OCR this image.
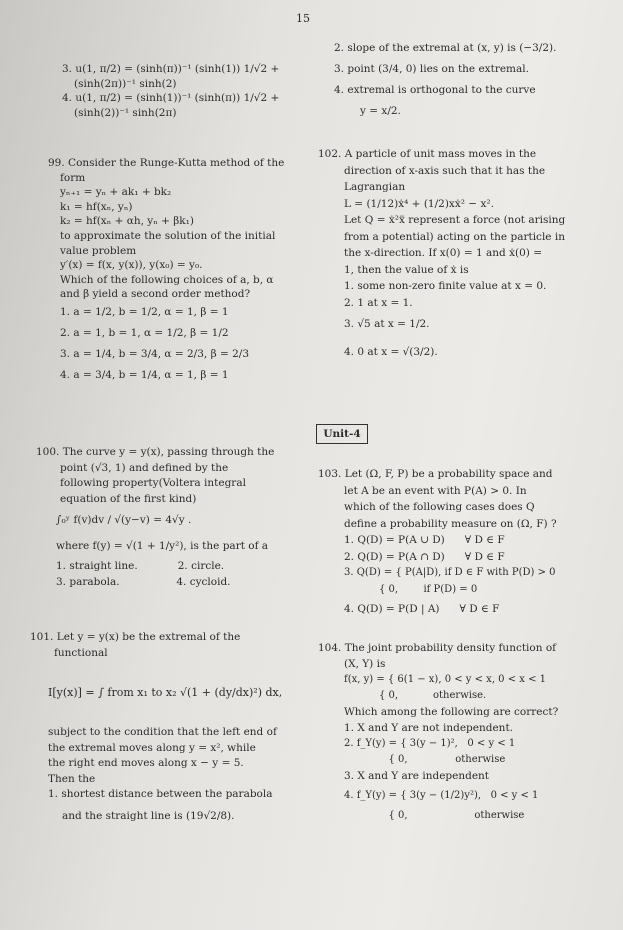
15
3. u(1, π/2) = (sinh(π))⁻¹ (sinh(1)) 1/√2 +
(sinh(2π))⁻¹ sinh(2)
4. u(1, π/2) = (sinh(1))⁻¹ (sinh(π)) 1/√2 +
(sinh(2))⁻¹ sinh(2π)
2. slope of the extremal at (x, y) is (−3/2).
3. point (3/4, 0) lies on the extremal.
4. extremal is orthogonal to the curve
y = x/2.
99. Consider the Runge-Kutta method of the
form
yₙ₊₁ = yₙ + ak₁ + bk₂
k₁ = hf(xₙ, yₙ)
k₂ = hf(xₙ + αh, yₙ + βk₁)
to approximate the solution of the initial
value problem
y′(x) = f(x, y(x)), y(x₀) = y₀.
Which of the following choices of a, b, α
and β yield a second order method?
1. a = 1/2, b = 1/2, α = 1, β = 1
2. a = 1, b = 1, α = 1/2, β = 1/2
3. a = 1/4, b = 3/4, α = 2/3, β = 2/3
4. a = 3/4, b = 1/4, α = 1, β = 1
100. The curve y = y(x), passing through the
point (√3, 1) and defined by the
following property(Voltera integral
equation of the first kind)
∫₀ʸ f(v)dv / √(y−v) = 4√y .
where f(y) = √(1 + 1/y²), is the part of a
1. straight line.            2. circle.
3. parabola.                 4. cycloid.
101. Let y = y(x) be the extremal of the
functional
I[y(x)] = ∫ from x₁ to x₂ √(1 + (dy/dx)²) dx,
subject to the condition that the left end of
the extremal moves along y = x², while
the right end moves along x − y = 5.
Then the
1. shortest distance between the parabola
and the straight line is (19√2/8).
102. A particle of unit mass moves in the
direction of x-axis such that it has the
Lagrangian
L = (1/12)ẋ⁴ + (1/2)xẋ² − x².
Let Q = ẋ²ẍ represent a force (not arising
from a potential) acting on the particle in
the x-direction. If x(0) = 1 and ẋ(0) =
1, then the value of ẋ is
1. some non-zero finite value at x = 0.
2. 1 at x = 1.
3. √5 at x = 1/2.
4. 0 at x = √(3/2).
Unit-4
103. Let (Ω, F, P) be a probability space and
let A be an event with P(A) > 0. In
which of the following cases does Q
define a probability measure on (Ω, F) ?
1. Q(D) = P(A ∪ D)      ∀ D ∈ F
2. Q(D) = P(A ∩ D)      ∀ D ∈ F
3. Q(D) = { P(A|D), if D ∈ F with P(D) > 0
{ 0,        if P(D) = 0
4. Q(D) = P(D | A)      ∀ D ∈ F
104. The joint probability density function of
(X, Y) is
f(x, y) = { 6(1 − x), 0 < y < x, 0 < x < 1
{ 0,           otherwise.
Which among the following are correct?
1. X and Y are not independent.
2. f_Y(y) = { 3(y − 1)²,   0 < y < 1
{ 0,               otherwise
3. X and Y are independent
4. f_Y(y) = { 3(y − (1/2)y²),   0 < y < 1
{ 0,                     otherwise
